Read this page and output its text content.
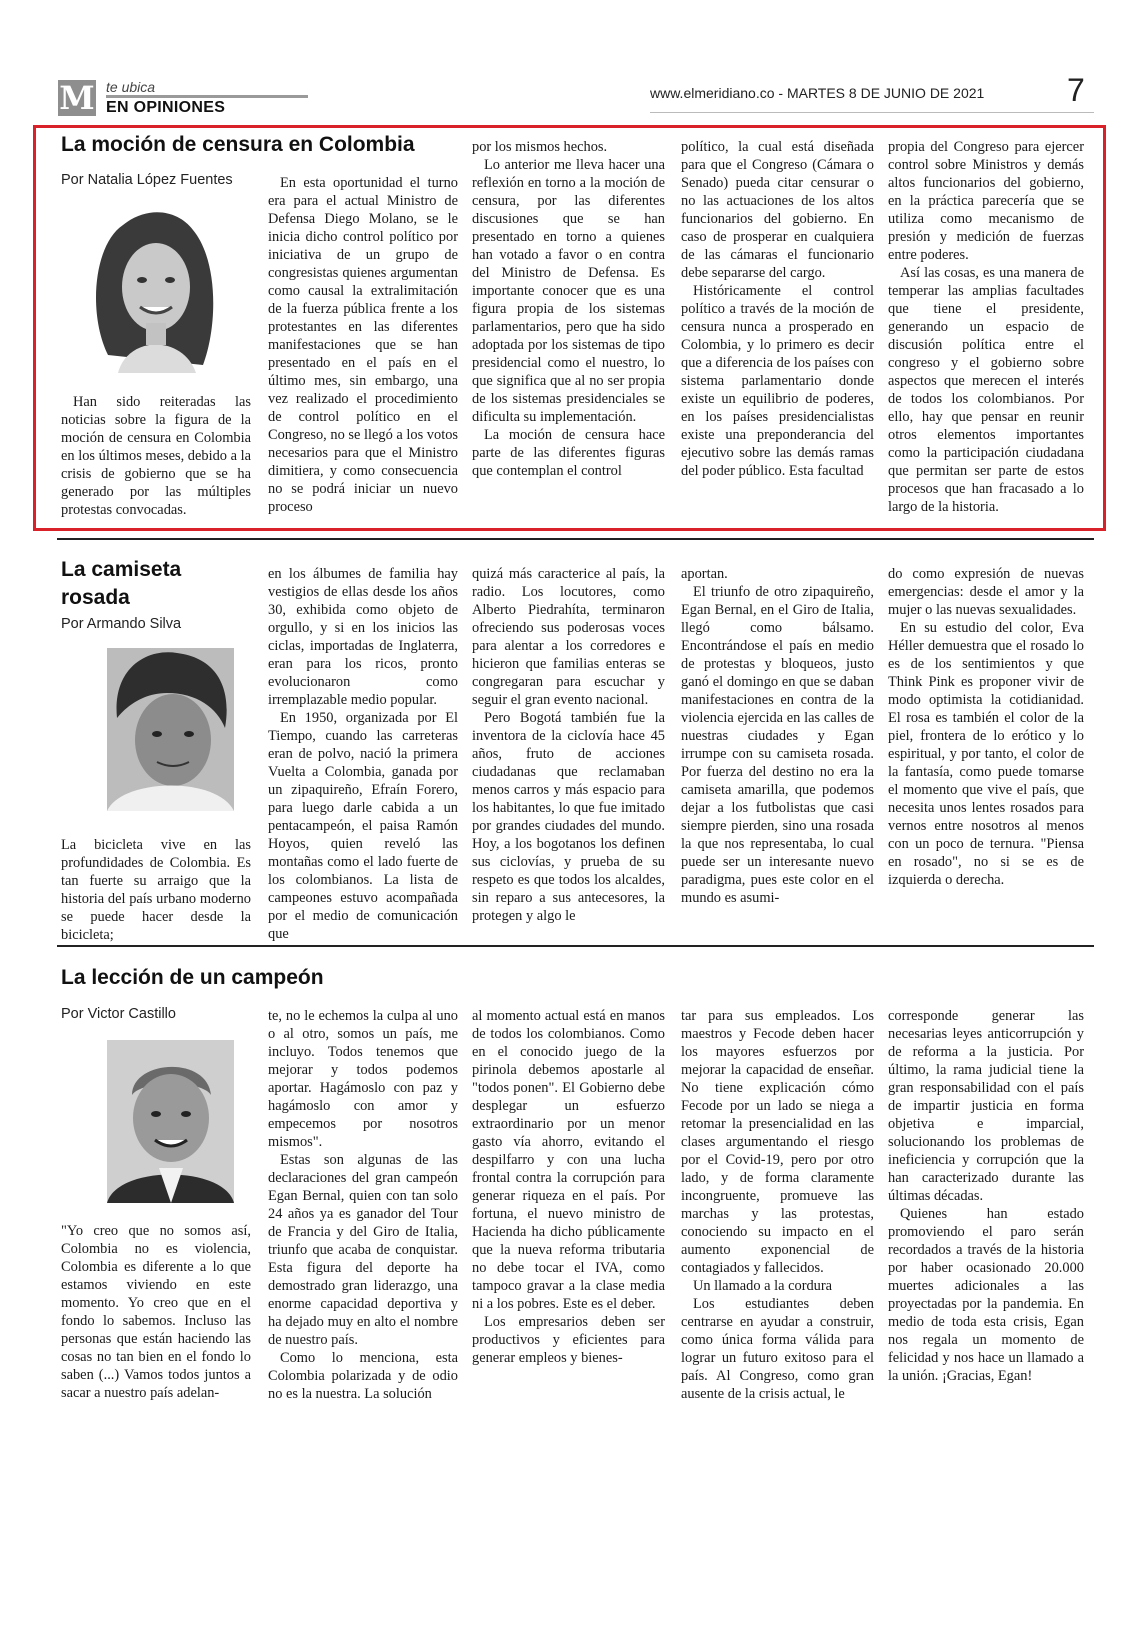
M te ubica
EN OPINIONES
www.elmeridiano.co - MARTES 8 DE JUNIO DE 2021	7
La moción de censura en Colombia
Por Natalia López Fuentes

Han sido reiteradas las noticias sobre la figura de la moción de censura en Colombia en los últimos meses, debido a la crisis de gobierno que se ha generado por las múltiples protestas convocadas.

En esta oportunidad el turno era para el actual Ministro de Defensa Diego Molano, se le inicia dicho control político por iniciativa de un grupo de congresistas quienes argumentan como causal la extralimitación de la fuerza pública frente a los protestantes en las diferentes manifestaciones que se han presentado en el país en el último mes, sin embargo, una vez realizado el procedimiento de control político en el Congreso, no se llegó a los votos necesarios para que el Ministro dimitiera, y como consecuencia no se podrá iniciar un nuevo proceso

por los mismos hechos.

Lo anterior me lleva hacer una reflexión en torno a la moción de censura, por las diferentes discusiones que se han presentado en torno a quienes han votado a favor o en contra del Ministro de Defensa. Es importante conocer que es una figura propia de los sistemas parlamentarios, pero que ha sido adoptada por los sistemas de tipo presidencial como el nuestro, lo que significa que al no ser propia de los sistemas presidenciales se dificulta su implementación.

La moción de censura hace parte de las diferentes figuras que contemplan el control

político, la cual está diseñada para que el Congreso (Cámara o Senado) pueda citar censurar o no las actuaciones de los altos funcionarios del gobierno. En caso de prosperar en cualquiera de las cámaras el funcionario debe separarse del cargo.

Históricamente el control político a través de la moción de censura nunca a prosperado en Colombia, y lo primero es decir que a diferencia de los países con sistema parlamentario donde existe un equilibrio de poderes, en los países presidencialistas existe una preponderancia del ejecutivo sobre las demás ramas del poder público. Esta facultad

propia del Congreso para ejercer control sobre Ministros y demás altos funcionarios del gobierno, en la práctica parecería que se utiliza como mecanismo de presión y medición de fuerzas entre poderes.

Así las cosas, es una manera de temperar las amplias facultades que tiene el presidente, generando un espacio de discusión política entre el congreso y el gobierno sobre aspectos que merecen el interés de todos los colombianos. Por ello, hay que pensar en reunir otros elementos importantes como la participación ciudadana que permitan ser parte de estos procesos que han fracasado a lo largo de la historia.

La camiseta rosada
Por Armando Silva

La bicicleta vive en las profundidades de Colombia. Es tan fuerte su arraigo que la historia del país urbano moderno se puede hacer desde la bicicleta;

en los álbumes de familia hay vestigios de ellas desde los años 30, exhibida como objeto de orgullo, y si en los inicios las ciclas, importadas de Inglaterra, eran para los ricos, pronto evolucionaron como irremplazable medio popular.

En 1950, organizada por El Tiempo, cuando las carreteras eran de polvo, nació la primera Vuelta a Colombia, ganada por un zipaquireño, Efraín Forero, para luego darle cabida a un pentacampeón, el paisa Ramón Hoyos, quien reveló las montañas como el lado fuerte de los colombianos. La lista de campeones estuvo acompañada por el medio de comunicación que

quizá más caracterice al país, la radio. Los locutores, como Alberto Piedrahíta, terminaron ofreciendo sus poderosas voces para alentar a los corredores e hicieron que familias enteras se congregaran para escuchar y seguir el gran evento nacional.

Pero Bogotá también fue la inventora de la ciclovía hace 45 años, fruto de acciones ciudadanas que reclamaban menos carros y más espacio para los habitantes, lo que fue imitado por grandes ciudades del mundo. Hoy, a los bogotanos los definen sus ciclovías, y prueba de su respeto es que todos los alcaldes, sin reparo a sus antecesores, la protegen y algo le

aportan.

El triunfo de otro zipaquireño, Egan Bernal, en el Giro de Italia, llegó como bálsamo. Encontrándose el país en medio de protestas y bloqueos, justo ganó el domingo en que se daban manifestaciones en contra de la violencia ejercida en las calles de nuestras ciudades y Egan irrumpe con su camiseta rosada. Por fuerza del destino no era la camiseta amarilla, que podemos dejar a los futbolistas que casi siempre pierden, sino una rosada la que nos representaba, lo cual puede ser un interesante nuevo paradigma, pues este color en el mundo es asumi-

do como expresión de nuevas emergencias: desde el amor y la mujer o las nuevas sexualidades.

En su estudio del color, Eva Héller demuestra que el rosado lo es de los sentimientos y que Think Pink es proponer vivir de modo optimista la cotidianidad. El rosa es también el color de la piel, frontera de lo erótico y lo espiritual, y por tanto, el color de la fantasía, como puede tomarse el momento que vive el país, que necesita unos lentes rosados para vernos entre nosotros al menos con un poco de ternura. "Piensa en rosado", no si se es de izquierda o derecha.

La lección de un campeón
Por Victor Castillo

"Yo creo que no somos así, Colombia no es violencia, Colombia es diferente a lo que estamos viviendo en este momento. Yo creo que en el fondo lo sabemos. Incluso las personas que están haciendo las cosas no tan bien en el fondo lo saben (...) Vamos todos juntos a sacar a nuestro país adelan-

te, no le echemos la culpa al uno o al otro, somos un país, me incluyo. Todos tenemos que mejorar y todos podemos aportar. Hagámoslo con paz y hagámoslo con amor y empecemos por nosotros mismos".

Estas son algunas de las declaraciones del gran campeón Egan Bernal, quien con tan solo 24 años ya es ganador del Tour de Francia y del Giro de Italia, triunfo que acaba de conquistar. Esta figura del deporte ha demostrado gran liderazgo, una enorme capacidad deportiva y ha dejado muy en alto el nombre de nuestro país.

Como lo menciona, esta Colombia polarizada y de odio no es la nuestra. La solución

al momento actual está en manos de todos los colombianos. Como en el conocido juego de la pirinola debemos apostarle al "todos ponen". El Gobierno debe desplegar un esfuerzo extraordinario por un menor gasto vía ahorro, evitando el despilfarro y con una lucha frontal contra la corrupción para generar riqueza en el país. Por fortuna, el nuevo ministro de Hacienda ha dicho públicamente que la nueva reforma tributaria no debe tocar el IVA, como tampoco gravar a la clase media ni a los pobres. Este es el deber.

Los empresarios deben ser productivos y eficientes para generar empleos y bienes-

tar para sus empleados. Los maestros y Fecode deben hacer los mayores esfuerzos por mejorar la capacidad de enseñar. No tiene explicación cómo Fecode por un lado se niega a retomar la presencialidad en las clases argumentando el riesgo por el Covid-19, pero por otro lado, y de forma claramente incongruente, promueve las marchas y las protestas, conociendo su impacto en el aumento exponencial de contagiados y fallecidos.

Un llamado a la cordura

Los estudiantes deben centrarse en ayudar a construir, como única forma válida para lograr un futuro exitoso para el país. Al Congreso, como gran ausente de la crisis actual, le

corresponde generar las necesarias leyes anticorrupción y de reforma a la justicia. Por último, la rama judicial tiene la gran responsabilidad con el país de impartir justicia en forma objetiva e imparcial, solucionando los problemas de ineficiencia y corrupción que la han caracterizado durante las últimas décadas.

Quienes han estado promoviendo el paro serán recordados a través de la historia por haber ocasionado 20.000 muertes adicionales a las proyectadas por la pandemia. En medio de toda esta crisis, Egan nos regala un momento de felicidad y nos hace un llamado a la unión. ¡Gracias, Egan!
